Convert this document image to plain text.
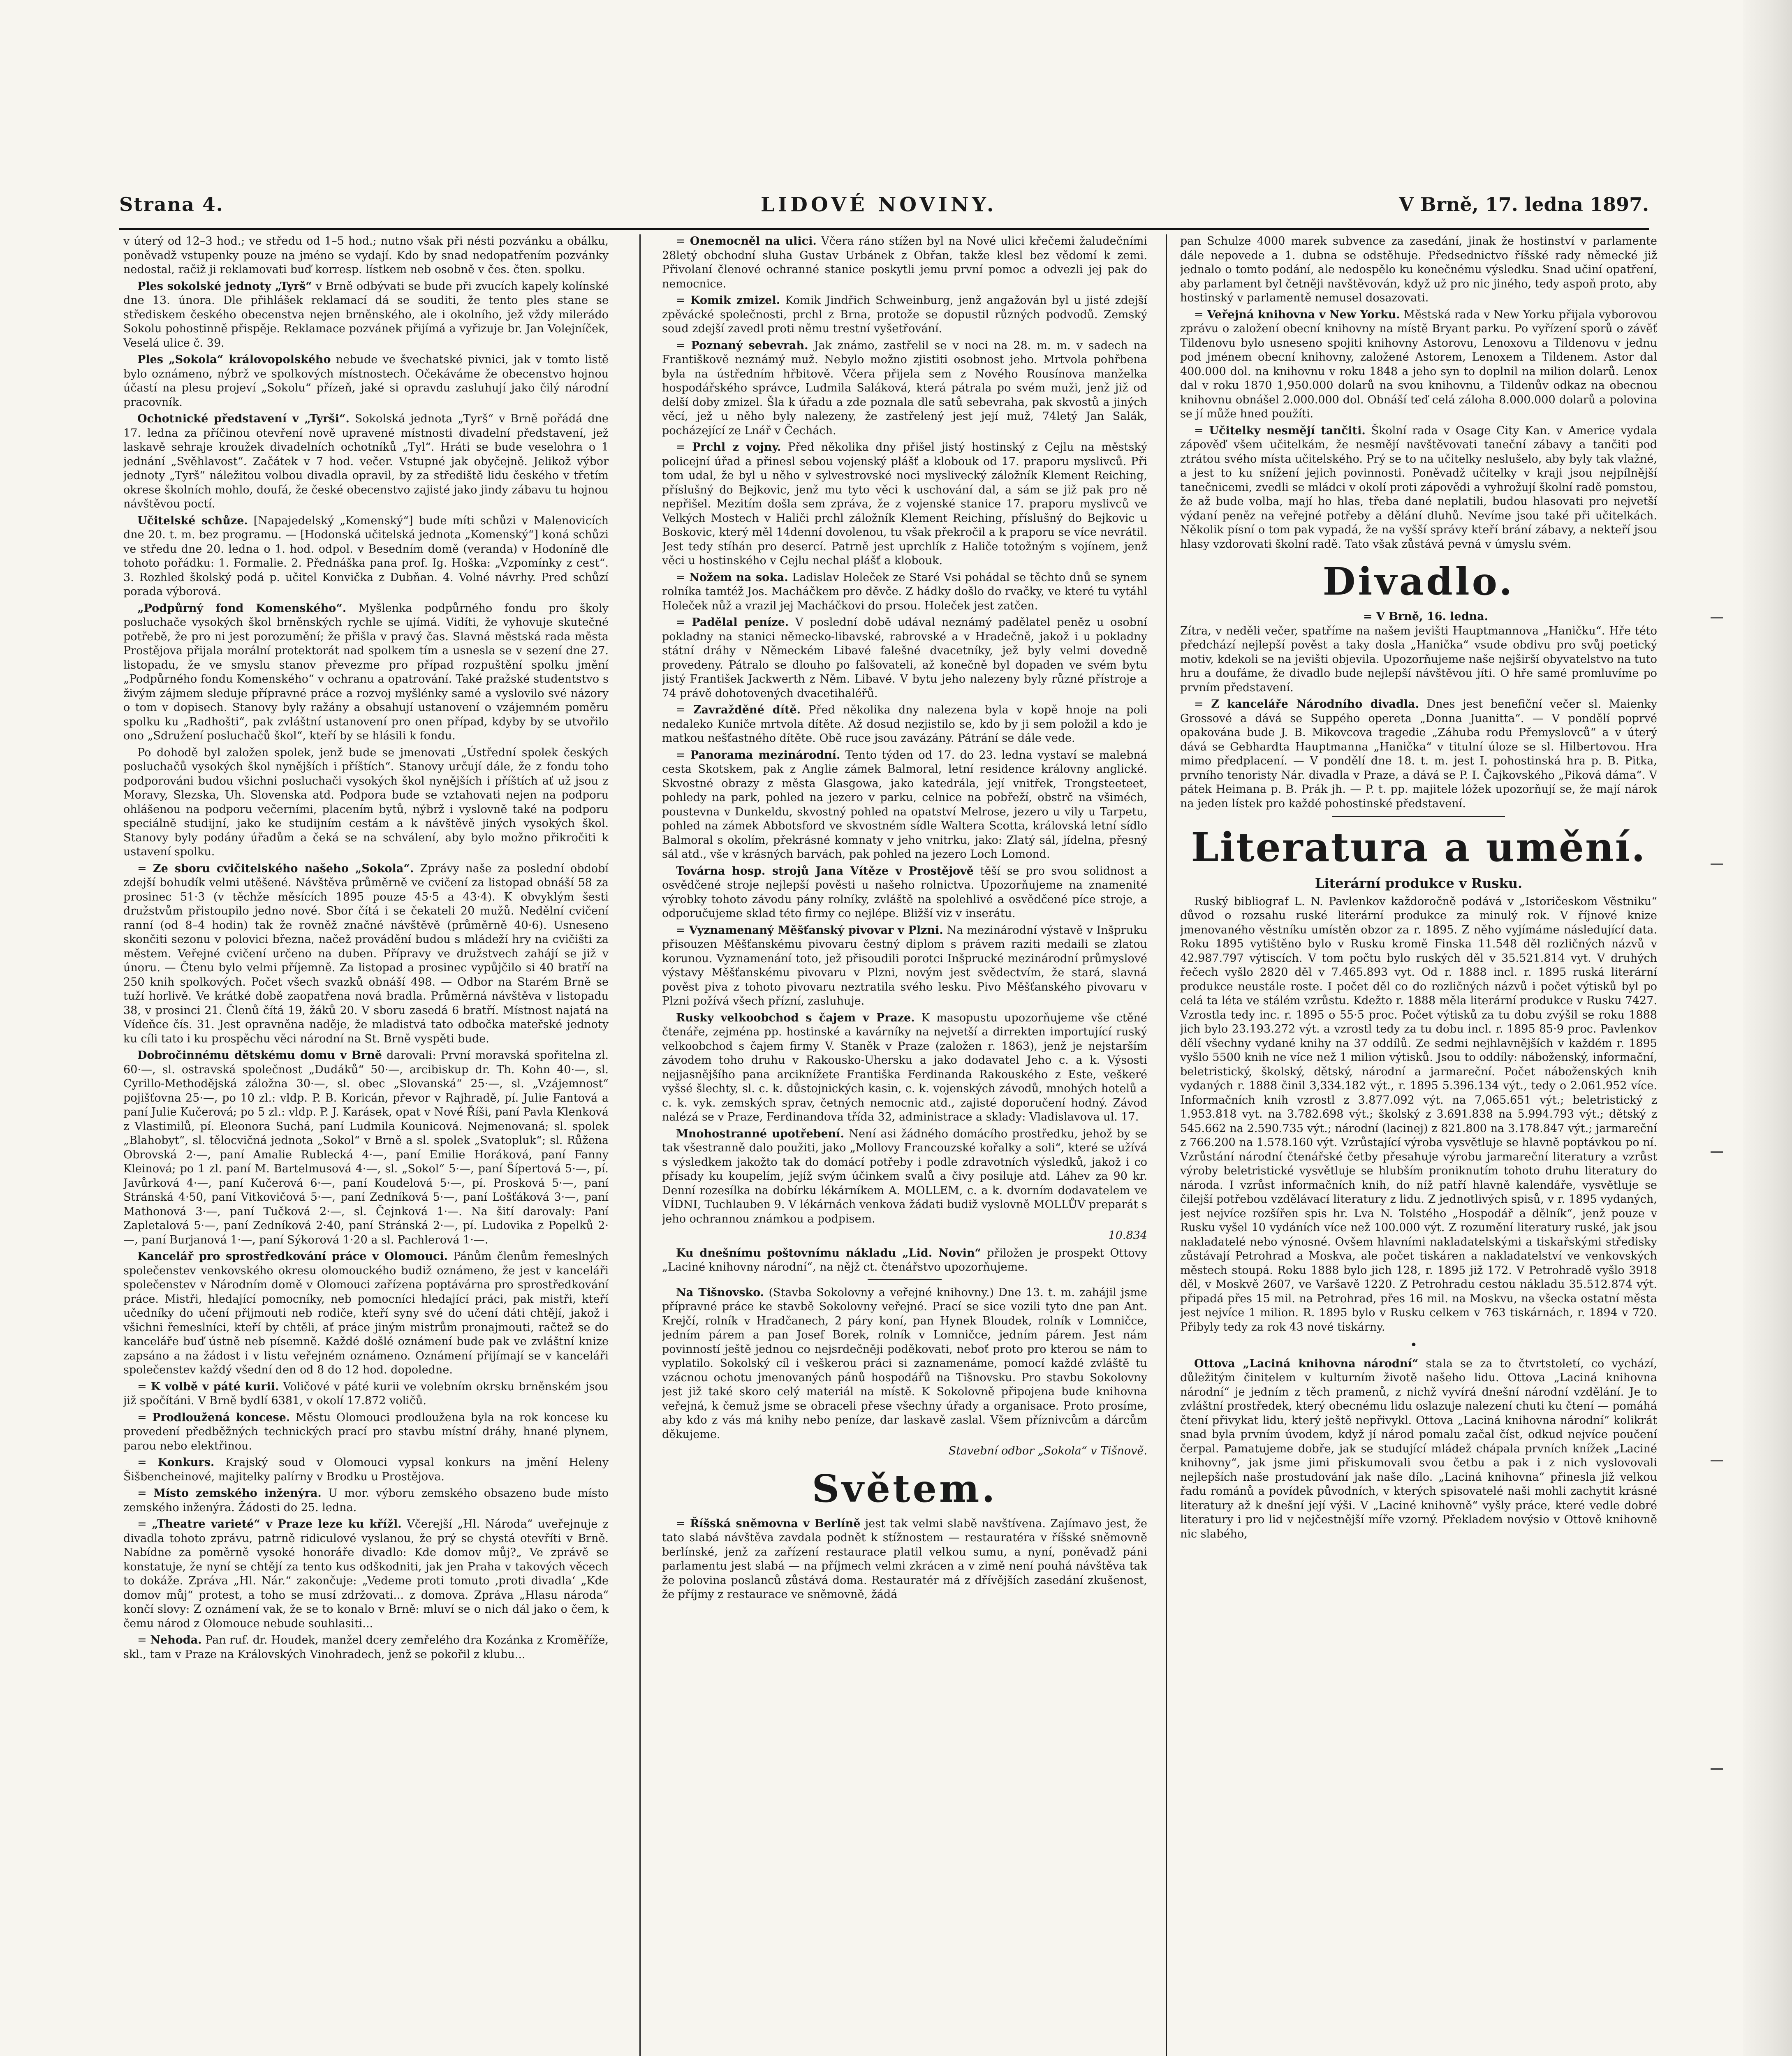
Strana 4.	LIDOVÉ NOVINY.	V Brně, 17. ledna 1897.

v úterý od 12–3 hod.; ve středu od 1–5 hod.; nutno však při nésti pozvánku a obálku, poněvadž vstupenky pouze na jméno se vydají. Kdo by snad nedopatřením pozvánky nedostal, račiž ji reklamovati buď korresp. lístkem neb osobně v čes. čten. spolku.

Ples sokolské jednoty „Tyrš“ v Brně odbývati se bude při zvucích kapely kolínské dne 13. února. Dle přihlášek reklamací dá se souditi, že tento ples stane se střediskem českého obecenstva nejen brněnského, ale i okolního, jež vždy milerádo Sokolu pohostinně přispěje. Reklamace pozvánek přijímá a vyřizuje br. Jan Volejníček, Veselá ulice č. 39.

Ples „Sokola“ královopolského nebude ve švechatské pivnici, jak v tomto listě bylo oznámeno, nýbrž ve spolkových místnostech. Očekáváme že obecenstvo hojnou účastí na plesu projeví „Sokolu“ přízeň, jaké si opravdu zasluhují jako čilý národní pracovník.

Ochotnické představení v „Tyrši“. Sokolská jednota „Tyrš“ v Brně pořádá dne 17. ledna za příčinou otevření nově upravené místnosti divadelní představení, jež laskavě sehraje kroužek divadelních ochotníků „Tyl“. Hráti se bude veselohra o 1 jednání „Svěhlavost“. Začátek v 7 hod. večer. Vstupné jak obyčejně. Jelikož výbor jednoty „Tyrš“ náležitou volbou divadla opravil, by za střediště lidu českého v třetím okrese školních mohlo, doufá, že české obecenstvo zajisté jako jindy zábavu tu hojnou návštěvou poctí.

Učitelské schůze. [Napajedelský „Komenský“] bude míti schůzi v Malenovicích dne 20. t. m. bez programu. — [Hodonská učitelská jednota „Komenský“] koná schůzi ve středu dne 20. ledna o 1. hod. odpol. v Besedním domě (veranda) v Hodoníně dle tohoto pořádku: 1. Formalie. 2. Přednáška pana prof. Ig. Hoška: „Vzpomínky z cest“. 3. Rozhled školský podá p. učitel Konvička z Dubňan. 4. Volné návrhy. Pred schůzí porada výborová.

„Podpůrný fond Komenského“. Myšlenka podpůrného fondu pro školy posluchače vysokých škol brněnských rychle se ujímá. Vidíti, že vyhovuje skutečné potřebě, že pro ni jest porozumění; že přišla v pravý čas. Slavná městská rada města Prostějova přijala morální protektorát nad spolkem tím a usnesla se v sezení dne 27. listopadu, že ve smyslu stanov převezme pro případ rozpuštění spolku jmění „Podpůrného fondu Komenského“ v ochranu a opatrování. Také pražské studentstvo s živým zájmem sleduje přípravné práce a rozvoj myšlénky samé a vyslovilo své názory o tom v dopisech. Stanovy byly ražány a obsahují ustanovení o vzájemném poměru spolku ku „Radhošti“, pak zvláštní ustanovení pro onen případ, kdyby by se utvořilo ono „Sdružení posluchačů škol“, kteří by se hlásili k fondu.

Po dohodě byl založen spolek, jenž bude se jmenovati „Ústřední spolek českých posluchačů vysokých škol nynějších i příštích“. Stanovy určují dále, že z fondu toho podporováni budou všichni posluchači vysokých škol nynějších i příštích ať už jsou z Moravy, Slezska, Uh. Slovenska atd. Podpora bude se vztahovati nejen na podporu ohlášenou na podporu večerními, placením bytů, nýbrž i vyslovně také na podporu speciálně studijní, jako ke studijním cestám a k návštěvě jiných vysokých škol. Stanovy byly podány úřadům a čeká se na schválení, aby bylo možno přikročiti k ustavení spolku.

= Ze sboru cvičitelského našeho „Sokola“. Zprávy naše za poslední období zdejší bohudík velmi utěšené. Návštěva průměrně ve cvičení za listopad obnáší 58 za prosinec 51·3 (v těchže měsících 1895 pouze 45·5 a 43·4). K obvyklým šesti družstvům přistoupilo jedno nové. Sbor čítá i se čekateli 20 mužů. Nedělní cvičení ranní (od 8–4 hodin) tak že rovněž značné návštěvě (průměrně 40·6). Usneseno skončiti sezonu v polovici března, načež provádění budou s mládeží hry na cvičišti za městem. Veřejné cvičení určeno na duben. Přípravy ve družstvech zahájí se již v únoru. — Čtenu bylo velmi příjemně. Za listopad a prosinec vypůjčilo si 40 bratří na 250 knih spolkových. Počet všech svazků obnáší 498. — Odbor na Starém Brně se tuží horlivě. Ve krátké době zaopatřena nová bradla. Průměrná návštěva v listopadu 38, v prosinci 21. Členů čítá 19, žáků 20. V sboru zasedá 6 bratří. Místnost najatá na Vídeňce čís. 31. Jest opravněna naděje, že mladistvá tato odbočka mateřské jednoty ku cíli tato i ku prospěchu věci národní na St. Brně vyspěti bude.

Dobročinnému dětskému domu v Brně darovali: První moravská spořitelna zl. 60·—, sl. ostravská společnost „Dudáků“ 50·—, arcibiskup dr. Th. Kohn 40·—, sl. Cyrillo-Methodějská záložna 30·—, sl. obec „Slovanská“ 25·—, sl. „Vzájemnost“ pojišťovna 25·—, po 10 zl.: vldp. P. B. Koricán, převor v Rajhradě, pí. Julie Fantová a paní Julie Kučerová; po 5 zl.: vldp. P. J. Karásek, opat v Nové Říši, paní Pavla Klenková z Vlastimilů, pí. Eleonora Suchá, paní Ludmila Kounicová. Nejmenovaná; sl. spolek „Blahobyt“, sl. tělocvičná jednota „Sokol“ v Brně a sl. spolek „Svatopluk“; sl. Růžena Obrovská 2·—, paní Amalie Rublecká 4·—, paní Emilie Horáková, paní Fanny Kleinová; po 1 zl. paní M. Bartelmusová 4·—, sl. „Sokol“ 5·—, paní Šípertová 5·—, pí. Javůrková 4·—, paní Kučerová 6·—, paní Koudelová 5·—, pí. Prosková 5·—, paní Stránská 4·50, paní Vitkovičová 5·—, paní Zedníková 5·—, paní Lošťáková 3·—, paní Mathonová 3·—, paní Tučková 2·—, sl. Čejnková 1·—. Na šití darovaly: Paní Zapletalová 5·—, paní Zedníková 2·40, paní Stránská 2·—, pí. Ludovika z Popelků 2·—, paní Burjanová 1·—, paní Sýkorová 1·20 a sl. Pachlerová 1·—.

Kancelář pro sprostředkování práce v Olomouci. Pánům členům řemeslných společenstev venkovského okresu olomouckého budiž oznámeno, že jest v kanceláři společenstev v Národním domě v Olomouci zařízena poptávárna pro sprostředkování práce. Mistři, hledající pomocníky, neb pomocníci hledající práci, pak mistři, kteří učedníky do učení přijmouti neb rodiče, kteří syny své do učení dáti chtějí, jakož i všichni řemeslníci, kteří by chtěli, ať práce jiným mistrům pronajmouti, račtež se do kanceláře buď ústně neb písemně. Každé došlé oznámení bude pak ve zvláštní knize zapsáno a na žádost i v listu veřejném oznámeno. Oznámení přijímají se v kanceláři společenstev každý všední den od 8 do 12 hod. dopoledne.

= K volbě v páté kurii. Voličové v páté kurii ve volebním okrsku brněnském jsou již spočítáni. V Brně bydlí 6381, v okolí 17.872 voličů.

= Prodloužená koncese. Městu Olomouci prodloužena byla na rok koncese ku provedení předběžných technických prací pro stavbu místní dráhy, hnané plynem, parou nebo elektřinou.

= Konkurs. Krajský soud v Olomouci vypsal konkurs na jmění Heleny Šišbencheinové, majitelky palírny v Brodku u Prostějova.

= Místo zemského inženýra. U mor. výboru zemského obsazeno bude místo zemského inženýra. Žádosti do 25. ledna.

= „Theatre varieté“ v Praze leze ku křížl. Včerejší „Hl. Národa“ uveřejnuje z divadla tohoto zprávu, patrně ridiculové vyslanou, že prý se chystá otevříti v Brně. Nabídne za poměrně vysoké honoráře divadlo: Kde domov můj?„ Ve zprávě se konstatuje, že nyní se chtějí za tento kus odškodniti, jak jen Praha v takových věcech to dokáže. Zpráva „Hl. Nár.“ zakončuje: „Vedeme proti tomuto ‚proti divadla‘ „Kde domov můj“ protest, a toho se musí zdržovati... z domova. Zpráva „Hlasu národa“ končí slovy: Z oznámení vak, že se to konalo v Brně: mluví se o nich dál jako o čem, k čemu národ z Olomouce nebude souhlasiti...

= Nehoda. Pan ruf. dr. Houdek, manžel dcery zemřelého dra Kozánka z Kroměříže, skl., tam v Praze na Královských Vinohradech, jenž se pokořil z klubu...

= Onemocněl na ulici. Včera ráno stížen byl na Nové ulici křečemi žaludečními 28letý obchodní sluha Gustav Urbánek z Obřan, takže klesl bez vědomí k zemi. Přivolaní členové ochranné stanice poskytli jemu první pomoc a odvezli jej pak do nemocnice.

= Komik zmizel. Komik Jindřich Schweinburg, jenž angažován byl u jisté zdejší zpěvácké společnosti, prchl z Brna, protože se dopustil různých podvodů. Zemský soud zdejší zavedl proti němu trestní vyšetřování.

= Poznaný sebevrah. Jak známo, zastřelil se v noci na 28. m. m. v sadech na Františkově neznámý muž. Nebylo možno zjistiti osobnost jeho. Mrtvola pohřbena byla na ústředním hřbitově. Včera přijela sem z Nového Rousínova manželka hospodářského správce, Ludmila Saláková, která pátrala po svém muži, jenž již od delší doby zmizel. Šla k úřadu a zde poznala dle satů sebevraha, pak skvostů a jiných věcí, jež u něho byly nalezeny, že zastřelený jest její muž, 74letý Jan Salák, pocházející ze Lnář v Čechách.

= Prchl z vojny. Před několika dny přišel jistý hostinský z Cejlu na městský policejní úřad a přinesl sebou vojenský plášť a klobouk od 17. praporu myslivců. Při tom udal, že byl u něho v sylvestrovské noci myslivecký záložník Klement Reiching, příslušný do Bejkovic, jenž mu tyto věci k uschování dal, a sám se již pak pro ně nepřišel. Mezitím došla sem zpráva, že z vojenské stanice 17. praporu myslivců ve Velkých Mostech v Haliči prchl záložník Klement Reiching, příslušný do Bejkovic u Boskovic, který měl 14denní dovolenou, tu však překročil a k praporu se více nevrátil. Jest tedy stíhán pro desercí. Patrně jest uprchlík z Haliče totožným s vojínem, jenž věci u hostinského v Cejlu nechal plášť a klobouk.

= Nožem na soka. Ladislav Holeček ze Staré Vsi pohádal se těchto dnů se synem rolníka tamtéž Jos. Macháčkem pro děvče. Z hádky došlo do rvačky, ve které tu vytáhl Holeček nůž a vrazil jej Macháčkovi do prsou. Holeček jest zatčen.

= Padělal peníze. V poslední době udával neznámý padělatel peněz u osobní pokladny na stanici německo-libavské, rabrovské a v Hradečně, jakož i u pokladny státní dráhy v Německém Libavé falešné dvacetníky, jež byly velmi dovedně provedeny. Pátralo se dlouho po falšovateli, až konečně byl dopaden ve svém bytu jistý František Jackwerth z Něm. Libavé. V bytu jeho nalezeny byly různé přístroje a 74 právě dohotovených dvacetihaléřů.

= Zavražděné dítě. Před několika dny nalezena byla v kopě hnoje na poli nedaleko Kuniče mrtvola dítěte. Až dosud nezjistilo se, kdo by ji sem položil a kdo je matkou nešťastného dítěte. Obě ruce jsou zavázány. Pátrání se dále vede.

= Panorama mezinárodní. Tento týden od 17. do 23. ledna vystaví se malebná cesta Skotskem, pak z Anglie zámek Balmoral, letní residence královny anglické. Skvostné obrazy z města Glasgowa, jako katedrála, její vnitřek, Trongsteeteet, pohledy na park, pohled na jezero v parku, celnice na pobřeží, obstrč na všiméch, poustevna v Dunkeldu, skvostný pohled na opatství Melrose, jezero u vily u Tarpetu, pohled na zámek Abbotsford ve skvostném sídle Waltera Scotta, královská letní sídlo Balmoral s okolím, překrásné komnaty v jeho vnitrku, jako: Zlatý sál, jídelna, přesný sál atd., vše v krásných barvách, pak pohled na jezero Loch Lomond.

Továrna hosp. strojů Jana Vítěze v Prostějově těší se pro svou solidnost a osvědčené stroje nejlepší pověsti u našeho rolnictva. Upozorňujeme na znamenité výrobky tohoto závodu pány rolníky, zvláště na spolehlivé a osvědčené píce stroje, a odporučujeme sklad této firmy co nejlépe. Bližší viz v inserátu.

= Vyznamenaný Měšťanský pivovar v Plzni. Na mezinárodní výstavě v Inšpruku přisouzen Měšťanskému pivovaru čestný diplom s právem raziti medaili se zlatou korunou. Vyznamenání toto, jež přisoudili porotci Inšprucké mezinárodní průmyslové výstavy Měšťanskému pivovaru v Plzni, novým jest svědectvím, že stará, slavná pověst piva z tohoto pivovaru neztratila svého lesku. Pivo Měšťanského pivovaru v Plzni požívá všech přízní, zasluhuje.

Rusky velkoobchod s čajem v Praze. K masopustu upozorňujeme vše ctěné čtenáře, zejména pp. hostinské a kavárníky na nejvetší a dirrekten importující ruský velkoobchod s čajem firmy V. Staněk v Praze (založen r. 1863), jenž je nejstarším závodem toho druhu v Rakousko-Uhersku a jako dodavatel Jeho c. a k. Výsosti nejjasnějšího pana arciknížete Františka Ferdinanda Rakouského z Este, veškeré vyšsé šlechty, sl. c. k. důstojnických kasin, c. k. vojenských závodů, mnohých hotelů a c. k. vyk. zemských sprav, četných nemocnic atd., zajisté doporučení hodný. Závod nalézá se v Praze, Ferdinandova třída 32, administrace a sklady: Vladislavova ul. 17.

Mnohostranné upotřebení. Není asi žádného domácího prostředku, jehož by se tak všestranně dalo použiti, jako „Mollovy Francouzské kořalky a soli“, které se užívá s výsledkem jakožto tak do domácí potřeby i podle zdravotních výsledků, jakož i co přísady ku koupelím, jejíž svým účinkem svalů a čivy posiluje atd. Láhev za 90 kr. Denní rozesílka na dobírku lékárníkem A. MOLLEM, c. a k. dvorním dodavatelem ve VÍDNI, Tuchlauben 9. V lékárnách venkova žádati budiž vyslovně MOLLŮV preparát s jeho ochrannou známkou a podpisem.

10.834

Ku dnešnímu poštovnímu nákladu „Lid. Novin“ přiložen je prospekt Ottovy „Laciné knihovny národní“, na nějž ct. čtenářstvo upozorňujeme.

Na Tišnovsko. (Stavba Sokolovny a veřejné knihovny.) Dne 13. t. m. zahájil jsme přípravné práce ke stavbě Sokolovny veřejné. Prací se sice vozili tyto dne pan Ant. Krejčí, rolník v Hradčanech, 2 páry koní, pan Hynek Bloudek, rolník v Lomničce, jedním párem a pan Josef Borek, rolník v Lomničce, jedním párem. Jest nám povinností ještě jednou co nejsrdečněji poděkovati, neboť proto pro kterou se nám to vyplatilo. Sokolský cíl i veškerou práci si zaznamenáme, pomocí každé zvláště tu vzácnou ochotu jmenovaných pánů hospodářů na Tišnovsku. Pro stavbu Sokolovny jest již také skoro celý materiál na místě. K Sokolovně připojena bude knihovna veřejná, k čemuž jsme se obraceli přese všechny úřady a organisace. Proto prosíme, aby kdo z vás má knihy nebo peníze, dar laskavě zaslal. Všem příznivcům a dárcům děkujeme.

Stavební odbor „Sokola“ v Tišnově.
Světem.

= Říšská sněmovna v Berlíně jest tak velmi slabě navštívena. Zajímavo jest, že tato slabá návštěva zavdala podnět k stížnostem — restauratéra v říšské sněmovně berlínské, jenž za zařízení restaurace platil velkou sumu, a nyní, poněvadž páni parlamentu jest slabá — na příjmech velmi zkrácen a v zimě není pouhá návštěva tak že polovina poslanců zůstává doma. Restauratér má z dřívějších zasedání zkušenost, že příjmy z restaurace ve sněmovně, žádá

pan Schulze 4000 marek subvence za zasedání, jinak že hostinství v parlamente dále nepovede a 1. dubna se odstěhuje. Předsednictvo říšské rady německé již jednalo o tomto podání, ale nedospělo ku konečnému výsledku. Snad učiní opatření, aby parlament byl četněji navštěvován, když už pro nic jiného, tedy aspoň proto, aby hostinský v parlamentě nemusel dosazovati.

= Veřejná knihovna v New Yorku. Městská rada v New Yorku přijala vyborovou zprávu o založení obecní knihovny na místě Bryant parku. Po vyřízení sporů o závěť Tildenovu bylo usneseno spojiti knihovny Astorovu, Lenoxovu a Tildenovu v jednu pod jménem obecní knihovny, založené Astorem, Lenoxem a Tildenem. Astor dal 400.000 dol. na knihovnu v roku 1848 a jeho syn to doplnil na milion dolarů. Lenox dal v roku 1870 1,950.000 dolarů na svou knihovnu, a Tildenův odkaz na obecnou knihovnu obnášel 2.000.000 dol. Obnáší teď celá záloha 8.000.000 dolarů a polovina se jí může hned použíti.

= Učitelky nesmějí tančiti. Školní rada v Osage City Kan. v Americe vydala zápověď všem učitelkám, že nesmějí navštěvovati taneční zábavy a tančiti pod ztrátou svého místa učitelského. Prý se to na učitelky neslušelo, aby byly tak vlažné, a jest to ku snížení jejich povinnosti. Poněvadž učitelky v kraji jsou nejpílnější tanečnicemi, zvedli se mládci v okolí proti zápovědi a vyhrožují školní radě pomstou, že až bude volba, mají ho hlas, třeba dané neplatili, budou hlasovati pro nejvetší výdaní peněz na veřejné potřeby a dělání dluhů. Nevíme jsou také při učitelkách. Několik písní o tom pak vypadá, že na vyšší správy kteří brání zábavy, a nekteří jsou hlasy vzdorovati školní radě. Tato však zůstává pevná v úmyslu svém.

Divadlo.

= V Brně, 16. ledna.
Zítra, v neděli večer, spatříme na našem jevišti Hauptmannova „Haničku“. Hře této předchází nejlepší pověst a taky dosla „Hanička“ vsude obdivu pro svůj poetický motiv, kdekoli se na jevišti objevila. Upozorňujeme naše nejširší obyvatelstvo na tuto hru a doufáme, že divadlo bude nejlepší návštěvou jíti. O hře samé promluvíme po prvním představení.

= Z kanceláře Národního divadla. Dnes jest benefiční večer sl. Maienky Grossové a dává se Suppého opereta „Donna Juanitta“. — V pondělí poprvé opakována bude J. B. Mikovcova tragedie „Záhuba rodu Přemyslovců“ a v úterý dává se Gebhardta Hauptmanna „Hanička“ v titulní úloze se sl. Hilbertovou. Hra mimo předplacení. — V pondělí dne 18. t. m. jest I. pohostinská hra p. B. Pitka, prvního tenoristy Nár. divadla v Praze, a dává se P. I. Čajkovského „Piková dáma“. V pátek Heimana p. B. Prák jh. — P. t. pp. majitele lóžek upozorňují se, že mají nárok na jeden lístek pro každé pohostinské představení.

Literatura a umění.
Literární produkce v Rusku.

Ruský bibliograf L. N. Pavlenkov každoročně podává v „Istoričeskom Věstniku“ důvod o rozsahu ruské literární produkce za minulý rok. V říjnové knize jmenovaného věstníku umístěn obzor za r. 1895. Z něho vyjímáme následující data. Roku 1895 vytištěno bylo v Rusku kromě Finska 11.548 děl rozličných názvů v 42.987.797 výtiscích. V tom počtu bylo ruských děl v 35.521.814 vyt. V druhých řečech vyšlo 2820 děl v 7.465.893 vyt. Od r. 1888 incl. r. 1895 ruská literární produkce neustále roste. I počet děl co do rozličných názvů i počet výtisků byl po celá ta léta ve stálém vzrůstu. Kdežto r. 1888 měla literární produkce v Rusku 7427. Vzrostla tedy inc. r. 1895 o 55·5 proc. Počet výtisků za tu dobu zvýšil se roku 1888 jich bylo 23.193.272 výt. a vzrostl tedy za tu dobu incl. r. 1895 85·9 proc. Pavlenkov dělí všechny vydané knihy na 37 oddílů. Ze sedmi nejhlavnějších v každém r. 1895 vyšlo 5500 knih ne více než 1 milion výtisků. Jsou to oddíly: náboženský, informační, beletristický, školský, dětský, národní a jarmareční. Počet náboženských knih vydaných r. 1888 činil 3,334.182 výt., r. 1895 5.396.134 výt., tedy o 2.061.952 více. Informačních knih vzrostl z 3.877.092 výt. na 7,065.651 výt.; beletristický z 1.953.818 vyt. na 3.782.698 výt.; školský z 3.691.838 na 5.994.793 výt.; dětský z 545.662 na 2.590.735 výt.; národní (lacinej) z 821.800 na 3.178.847 výt.; jarmareční z 766.200 na 1.578.160 výt. Vzrůstající výroba vysvětluje se hlavně poptávkou po ní. Vzrůstání národní čtenářské četby přesahuje výrobu jarmareční literatury a vzrůst výroby beletristické vysvětluje se hlubším proniknutím tohoto druhu literatury do národa. I vzrůst informačních knih, do níž patří hlavně kalendáře, vysvětluje se čilejší potřebou vzdělávací literatury z lidu. Z jednotlivých spisů, v r. 1895 vydaných, jest nejvíce rozšířen spis hr. Lva N. Tolstého „Hospodář a dělník“, jenž pouze v Rusku vyšel 10 vydáních více než 100.000 výt. Z rozumění literatury ruské, jak jsou nakladatelé nebo výnosné. Ovšem hlavními nakladatelskými a tiskařskými středisky zůstávají Petrohrad a Moskva, ale počet tiskáren a nakladatelství ve venkovských městech stoupá. Roku 1888 bylo jich 128, r. 1895 již 172. V Petrohradě vyšlo 3918 děl, v Moskvě 2607, ve Varšavě 1220. Z Petrohradu cestou nákladu 35.512.874 výt. připadá přes 15 mil. na Petrohrad, přes 16 mil. na Moskvu, na všecka ostatní města jest nejvíce 1 milion. R. 1895 bylo v Rusku celkem v 763 tiskárnách, r. 1894 v 720. Přibyly tedy za rok 43 nové tiskárny.

•

Ottova „Laciná knihovna národní“ stala se za to čtvrtstoletí, co vychází, důležitým činitelem v kulturním životě našeho lidu. Ottova „Laciná knihovna národní“ je jedním z těch pramenů, z nichž vyvírá dnešní národní vzdělání. Je to zvláštní prostředek, který obecnému lidu oslazuje nalezení chuti ku čtení — pomáhá čtení přivykat lidu, který ještě nepřivykl. Ottova „Laciná knihovna národní“ kolikrát snad byla prvním úvodem, když jí národ pomalu začal číst, odkud nejvíce poučení čerpal. Pamatujeme dobře, jak se studující mládež chápala prvních knížek „Laciné knihovny“, jak jsme jimi přiskumovali svou četbu a pak i z nich vyslovovali nejlepších naše prostudování jak naše dílo. „Laciná knihovna“ přinesla již velkou řadu románů a povídek původních, v kterých spisovatelé naši mohli zachytit krásné literatury až k dnešní její výši. V „Laciné knihovně“ vyšly práce, které vedle dobré literatury i pro lid v nejčestnější míře vzorný. Překladem novýsio v Ottově knihovně nic slabého,
